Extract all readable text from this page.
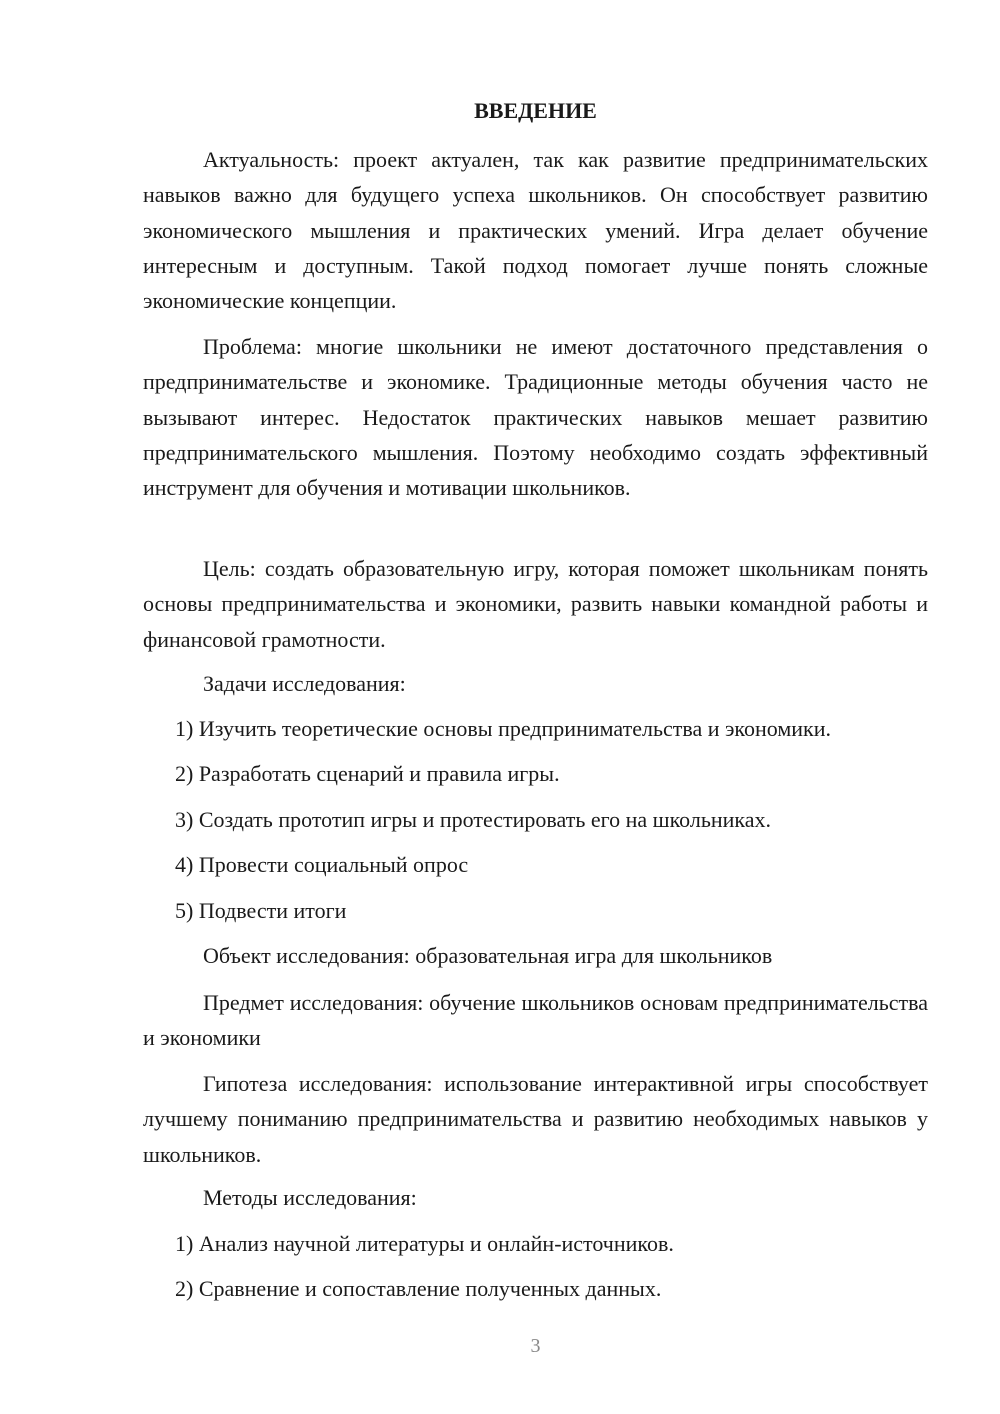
ВВЕДЕНИЕ

Актуальность: проект актуален, так как развитие предпринимательских навыков важно для будущего успеха школьников. Он способствует развитию экономического мышления и практических умений. Игра делает обучение интересным и доступным. Такой подход помогает лучше понять сложные экономические концепции.

Проблема: многие школьники не имеют достаточного представления о предпринимательстве и экономике. Традиционные методы обучения часто не вызывают интерес. Недостаток практических навыков мешает развитию предпринимательского мышления. Поэтому необходимо создать эффективный инструмент для обучения и мотивации школьников.

Цель: создать образовательную игру, которая поможет школьникам понять основы предпринимательства и экономики, развить навыки командной работы и финансовой грамотности.

Задачи исследования:

1) Изучить теоретические основы предпринимательства и экономики.

2) Разработать сценарий и правила игры.

3) Создать прототип игры и протестировать его на школьниках.

4) Провести социальный опрос

5) Подвести итоги

Объект исследования: образовательная игра для школьников

Предмет исследования: обучение школьников основам предпринимательства и экономики

Гипотеза исследования: использование интерактивной игры способствует лучшему пониманию предпринимательства и развитию необходимых навыков у школьников.

Методы исследования:

1) Анализ научной литературы и онлайн-источников.

2) Сравнение и сопоставление полученных данных.

3
